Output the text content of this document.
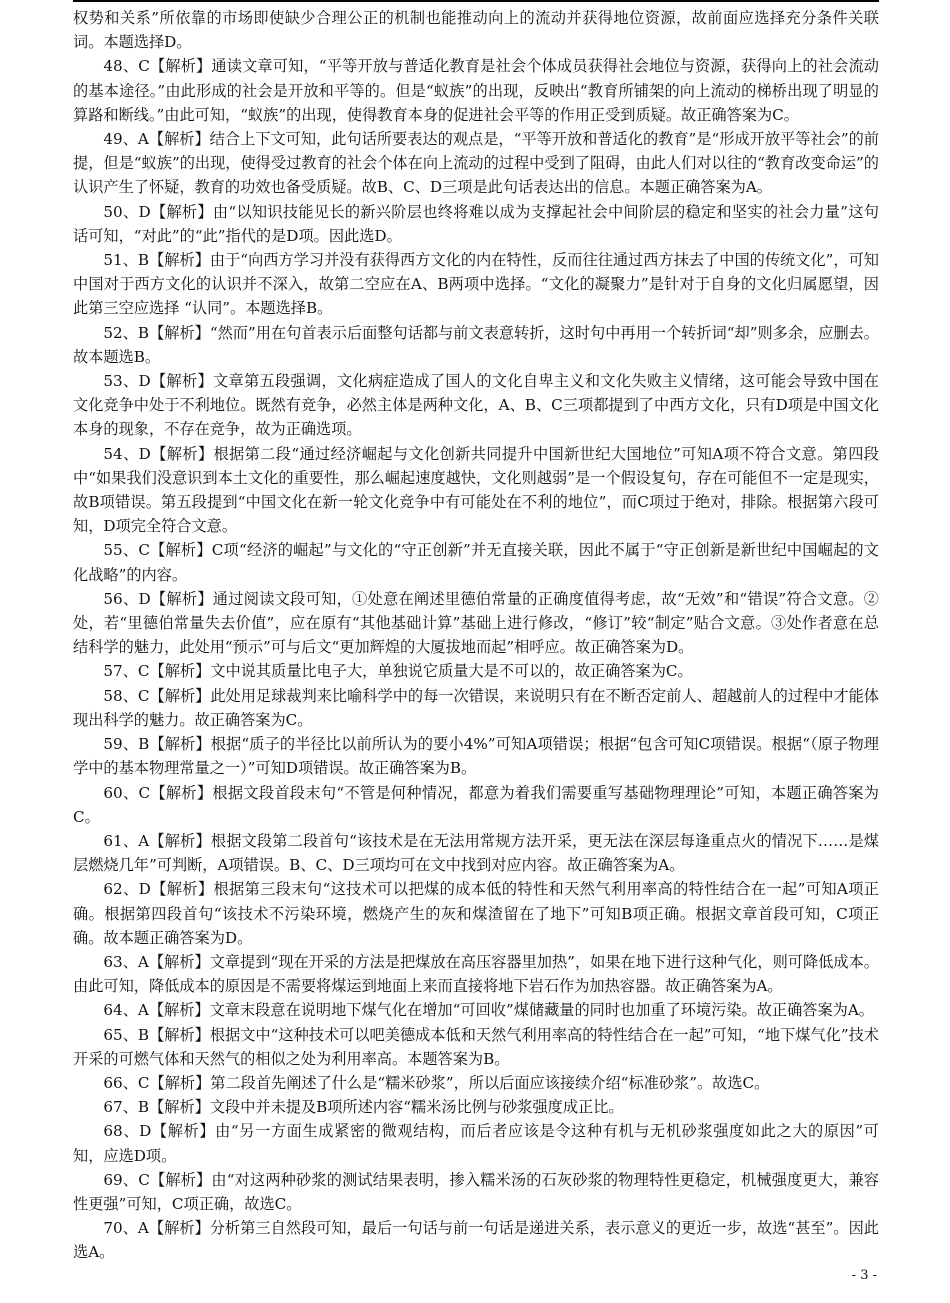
权势和关系”所依靠的市场即使缺少合理公正的机制也能推动向上的流动并获得地位资源，故前面应选择充分条件关联词。本题选择D。

48、C【解析】通读文章可知，“平等开放与普适化教育是社会个体成员获得社会地位与资源，获得向上的社会流动的基本途径。”由此形成的社会是开放和平等的。但是“蚁族”的出现，反映出“教育所铺架的向上流动的梯桥出现了明显的算路和断线。”由此可知，“蚁族”的出现，使得教育本身的促进社会平等的作用正受到质疑。故正确答案为C。

49、A【解析】结合上下文可知，此句话所要表达的观点是，“平等开放和普适化的教育”是“形成开放平等社会”的前提，但是“蚁族”的出现，使得受过教育的社会个体在向上流动的过程中受到了阻碍，由此人们对以往的“教育改变命运”的认识产生了怀疑，教育的功效也备受质疑。故B、C、D三项是此句话表达出的信息。本题正确答案为A。

50、D【解析】由“以知识技能见长的新兴阶层也终将难以成为支撑起社会中间阶层的稳定和坚实的社会力量”这句话可知，“对此”的“此”指代的是D项。因此选D。

51、B【解析】由于“向西方学习并没有获得西方文化的内在特性，反而往往通过西方抹去了中国的传统文化”，可知中国对于西方文化的认识并不深入，故第二空应在A、B两项中选择。“文化的凝聚力”是针对于自身的文化归属愿望，因此第三空应选择 “认同”。本题选择B。

52、B【解析】“然而”用在句首表示后面整句话都与前文表意转折，这时句中再用一个转折词“却”则多余，应删去。故本题选B。

53、D【解析】文章第五段强调，文化病症造成了国人的文化自卑主义和文化失败主义情绪，这可能会导致中国在文化竞争中处于不利地位。既然有竞争，必然主体是两种文化，A、B、C三项都提到了中西方文化，只有D项是中国文化本身的现象，不存在竞争，故为正确选项。

54、D【解析】根据第二段“通过经济崛起与文化创新共同提升中国新世纪大国地位”可知A项不符合文意。第四段中“如果我们没意识到本土文化的重要性，那么崛起速度越快，文化则越弱”是一个假设复句，存在可能但不一定是现实，故B项错误。第五段提到“中国文化在新一轮文化竞争中有可能处在不利的地位”，而C项过于绝对，排除。根据第六段可知，D项完全符合文意。

55、C【解析】C项“经济的崛起”与文化的“守正创新”并无直接关联，因此不属于“守正创新是新世纪中国崛起的文化战略”的内容。

56、D【解析】通过阅读文段可知，①处意在阐述里德伯常量的正确度值得考虑，故“无效”和“错误”符合文意。②处，若“里德伯常量失去价值”，应在原有“其他基础计算”基础上进行修改，“修订”较“制定”贴合文意。③处作者意在总结科学的魅力，此处用“预示”可与后文“更加辉煌的大厦拔地而起”相呼应。故正确答案为D。

57、C【解析】文中说其质量比电子大，单独说它质量大是不可以的，故正确答案为C。

58、C【解析】此处用足球裁判来比喻科学中的每一次错误，来说明只有在不断否定前人、超越前人的过程中才能体现出科学的魅力。故正确答案为C。

59、B【解析】根据“质子的半径比以前所认为的要小4%”可知A项错误；根据“包含可知C项错误。根据“（原子物理学中的基本物理常量之一）”可知D项错误。故正确答案为B。

60、C【解析】根据文段首段末句“不管是何种情况，都意为着我们需要重写基础物理理论”可知，本题正确答案为C。

61、A【解析】根据文段第二段首句“该技术是在无法用常规方法开采，更无法在深层每逢重点火的情况下……是煤层燃烧几年”可判断，A项错误。B、C、D三项均可在文中找到对应内容。故正确答案为A。

62、D【解析】根据第三段末句“这技术可以把煤的成本低的特性和天然气利用率高的特性结合在一起”可知A项正确。根据第四段首句“该技术不污染环境，燃烧产生的灰和煤渣留在了地下”可知B项正确。根据文章首段可知，C项正确。故本题正确答案为D。

63、A【解析】文章提到“现在开采的方法是把煤放在高压容器里加热”，如果在地下进行这种气化，则可降低成本。由此可知，降低成本的原因是不需要将煤运到地面上来而直接将地下岩石作为加热容器。故正确答案为A。

64、A【解析】文章末段意在说明地下煤气化在增加“可回收”煤储藏量的同时也加重了环境污染。故正确答案为A。

65、B【解析】根据文中“这种技术可以吧美德成本低和天然气利用率高的特性结合在一起”可知，“地下煤气化”技术开采的可燃气体和天然气的相似之处为利用率高。本题答案为B。

66、C【解析】第二段首先阐述了什么是“糯米砂浆”，所以后面应该接续介绍“标准砂浆”。故选C。

67、B【解析】文段中并未提及B项所述内容“糯米汤比例与砂浆强度成正比。

68、D【解析】由“另一方面生成紧密的微观结构，而后者应该是令这种有机与无机砂浆强度如此之大的原因”可知，应选D项。

69、C【解析】由“对这两种砂浆的测试结果表明，掺入糯米汤的石灰砂浆的物理特性更稳定，机械强度更大，兼容性更强”可知，C项正确，故选C。

70、A【解析】分析第三自然段可知，最后一句话与前一句话是递进关系，表示意义的更近一步，故选“甚至”。因此选A。

- 3 -
